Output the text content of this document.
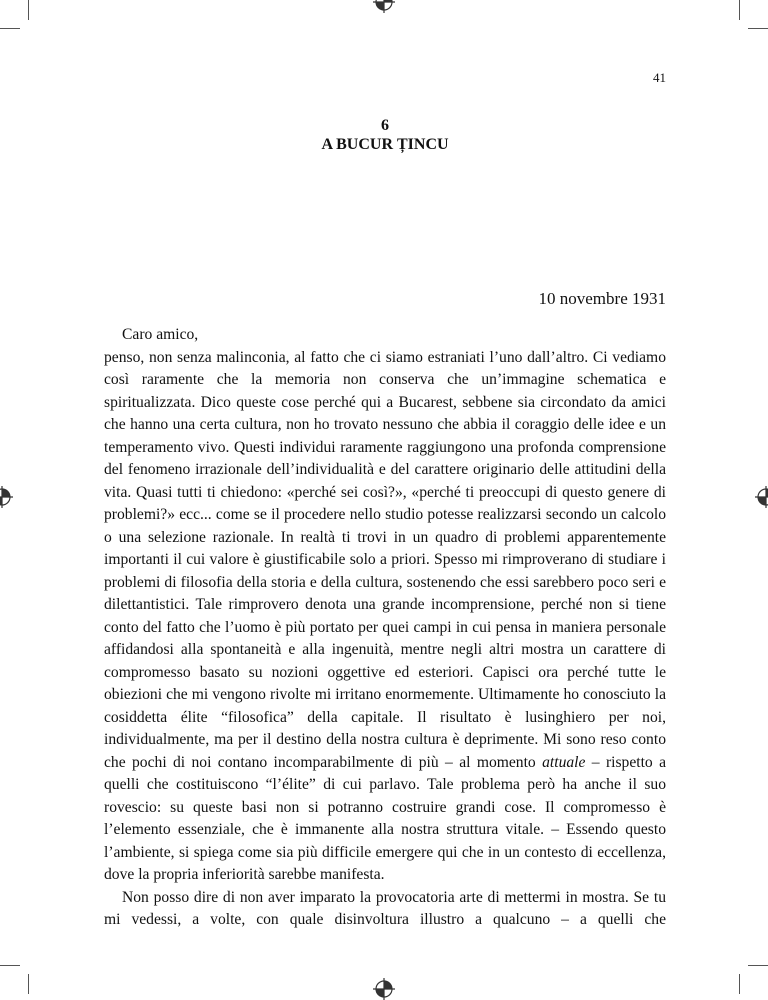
41
6
A BUCUR ȚINCU
10 novembre 1931

Caro amico,

penso, non senza malinconia, al fatto che ci siamo estraniati l’uno dall’altro. Ci vediamo così raramente che la memoria non conserva che un’immagine schematica e spiritualizzata. Dico queste cose perché qui a Bucarest, sebbene sia circondato da amici che hanno una certa cultura, non ho trovato nessuno che abbia il coraggio delle idee e un temperamento vivo. Questi individui raramente raggiungono una profonda comprensione del fenomeno irrazionale dell’individualità e del carattere originario delle attitudini della vita. Quasi tutti ti chiedono: «perché sei così?», «perché ti preoccupi di questo genere di problemi?» ecc... come se il procedere nello studio potesse realizzarsi secondo un calcolo o una selezione razionale. In realtà ti trovi in un quadro di problemi apparentemente importanti il cui valore è giustificabile solo a priori. Spesso mi rimproverano di studiare i problemi di filosofia della storia e della cultura, sostenendo che essi sarebbero poco seri e dilettantistici. Tale rimprovero denota una grande incomprensione, perché non si tiene conto del fatto che l’uomo è più portato per quei campi in cui pensa in maniera personale affidandosi alla spontaneità e alla ingenuità, mentre negli altri mostra un carattere di compromesso basato su nozioni oggettive ed esteriori. Capisci ora perché tutte le obiezioni che mi vengono rivolte mi irritano enormemente. Ultimamente ho conosciuto la cosiddetta élite “filosofica” della capitale. Il risultato è lusinghiero per noi, individualmente, ma per il destino della nostra cultura è deprimente. Mi sono reso conto che pochi di noi contano incomparabilmente di più – al momento attuale – rispetto a quelli che costituiscono “l’élite” di cui parlavo. Tale problema però ha anche il suo rovescio: su queste basi non si potranno costruire grandi cose. Il compromesso è l’elemento essenziale, che è immanente alla nostra struttura vitale. – Essendo questo l’ambiente, si spiega come sia più difficile emergere qui che in un contesto di eccellenza, dove la propria inferiorità sarebbe manifesta.

Non posso dire di non aver imparato la provocatoria arte di mettermi in mostra. Se tu mi vedessi, a volte, con quale disinvoltura illustro a qualcuno – a quelli che
